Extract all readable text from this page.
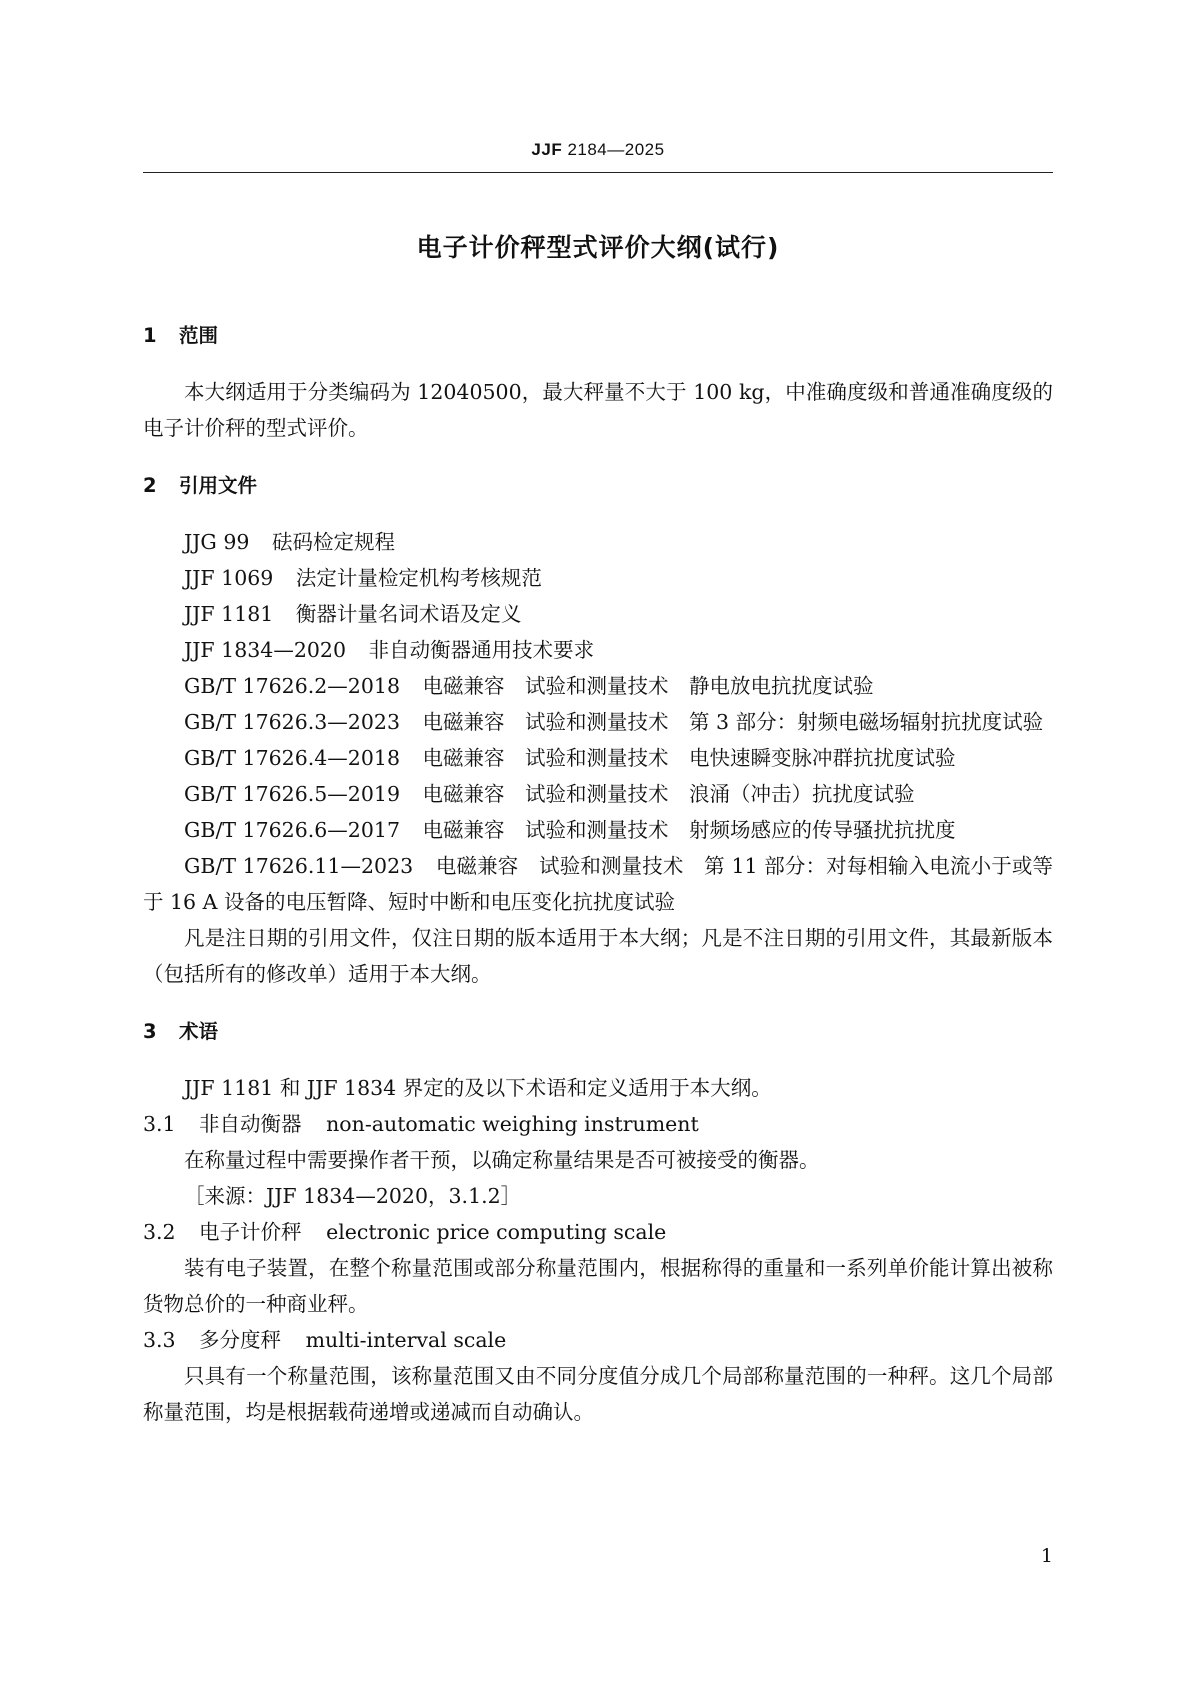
JJF 2184—2025
电子计价秤型式评价大纲(试行)
1 范围

本大纲适用于分类编码为 12040500，最大秤量不大于 100 kg，中准确度级和普通准确度级的电子计价秤的型式评价。

2 引用文件

JJG 99 砝码检定规程

JJF 1069 法定计量检定机构考核规范

JJF 1181 衡器计量名词术语及定义

JJF 1834—2020 非自动衡器通用技术要求

GB/T 17626.2—2018 电磁兼容　试验和测量技术　静电放电抗扰度试验

GB/T 17626.3—2023 电磁兼容　试验和测量技术　第 3 部分：射频电磁场辐射抗扰度试验

GB/T 17626.4—2018 电磁兼容　试验和测量技术　电快速瞬变脉冲群抗扰度试验

GB/T 17626.5—2019 电磁兼容　试验和测量技术　浪涌（冲击）抗扰度试验

GB/T 17626.6—2017 电磁兼容　试验和测量技术　射频场感应的传导骚扰抗扰度

GB/T 17626.11—2023 电磁兼容　试验和测量技术　第 11 部分：对每相输入电流小于或等于 16 A 设备的电压暂降、短时中断和电压变化抗扰度试验

凡是注日期的引用文件，仅注日期的版本适用于本大纲；凡是不注日期的引用文件，其最新版本（包括所有的修改单）适用于本大纲。

3 术语

JJF 1181 和 JJF 1834 界定的及以下术语和定义适用于本大纲。

3.1 非自动衡器 non-automatic weighing instrument

在称量过程中需要操作者干预，以确定称量结果是否可被接受的衡器。

［来源：JJF 1834—2020，3.1.2］

3.2 电子计价秤 electronic price computing scale

装有电子装置，在整个称量范围或部分称量范围内，根据称得的重量和一系列单价能计算出被称货物总价的一种商业秤。

3.3 多分度秤 multi-interval scale

只具有一个称量范围，该称量范围又由不同分度值分成几个局部称量范围的一种秤。这几个局部称量范围，均是根据载荷递增或递减而自动确认。

1
